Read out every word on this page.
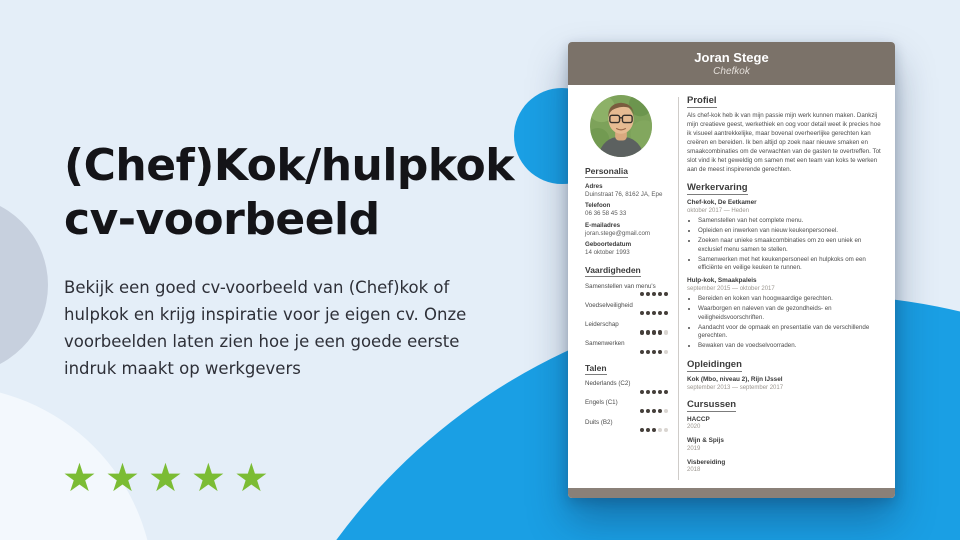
(Chef)Kok/hulpkok
cv-voorbeeld

Bekijk een goed cv-voorbeeld van (Chef)kok of hulpkok en krijg inspiratie voor je eigen cv. Onze voorbeelden laten zien hoe je een goede eerste indruk maakt op werkgevers

★★★★★
Joran Stege
Chefkok
Personalia
Adres
Duinstraat 76, 8162 JA, Epe
Telefoon
06 36 58 45 33
E-mailadres
joran.stege@gmail.com
Geboortedatum
14 oktober 1993
Vaardigheden
Samenstellen van menu's
Voedselveiligheid
Leiderschap
Samenwerken
Talen
Nederlands (C2)
Engels (C1)
Duits (B2)
Profiel

Als chef-kok heb ik van mijn passie mijn werk kunnen maken. Dankzij mijn creatieve geest, werkethiek en oog voor detail weet ik precies hoe ik visueel aantrekkelijke, maar bovenal overheerlijke gerechten kan creëren en bereiden. Ik ben altijd op zoek naar nieuwe smaken en smaakcombinaties om de verwachten van de gasten te overtreffen. Tot slot vind ik het geweldig om samen met een team van koks te werken aan de meest inspirerende gerechten.

Werkervaring
Chef-kok, De Eetkamer
oktober 2017 — Heden
• Samenstellen van het complete menu.
• Opleiden en inwerken van nieuw keukenpersoneel.
• Zoeken naar unieke smaakcombinaties om zo een uniek en exclusief menu samen te stellen.
• Samenwerken met het keukenpersoneel en hulpkoks om een efficiënte en veilige keuken te runnen.
Hulp-kok, Smaakpaleis
september 2015 — oktober 2017
• Bereiden en koken van hoogwaardige gerechten.
• Waarborgen en naleven van de gezondheids- en veiligheidsvoorschriften.
• Aandacht voor de opmaak en presentatie van de verschillende gerechten.
• Bewaken van de voedselvoorraden.
Opleidingen
Kok (Mbo, niveau 2), Rijn IJssel
september 2013 — september 2017
Cursussen
HACCP
2020
Wijn & Spijs
2019
Visbereiding
2018
